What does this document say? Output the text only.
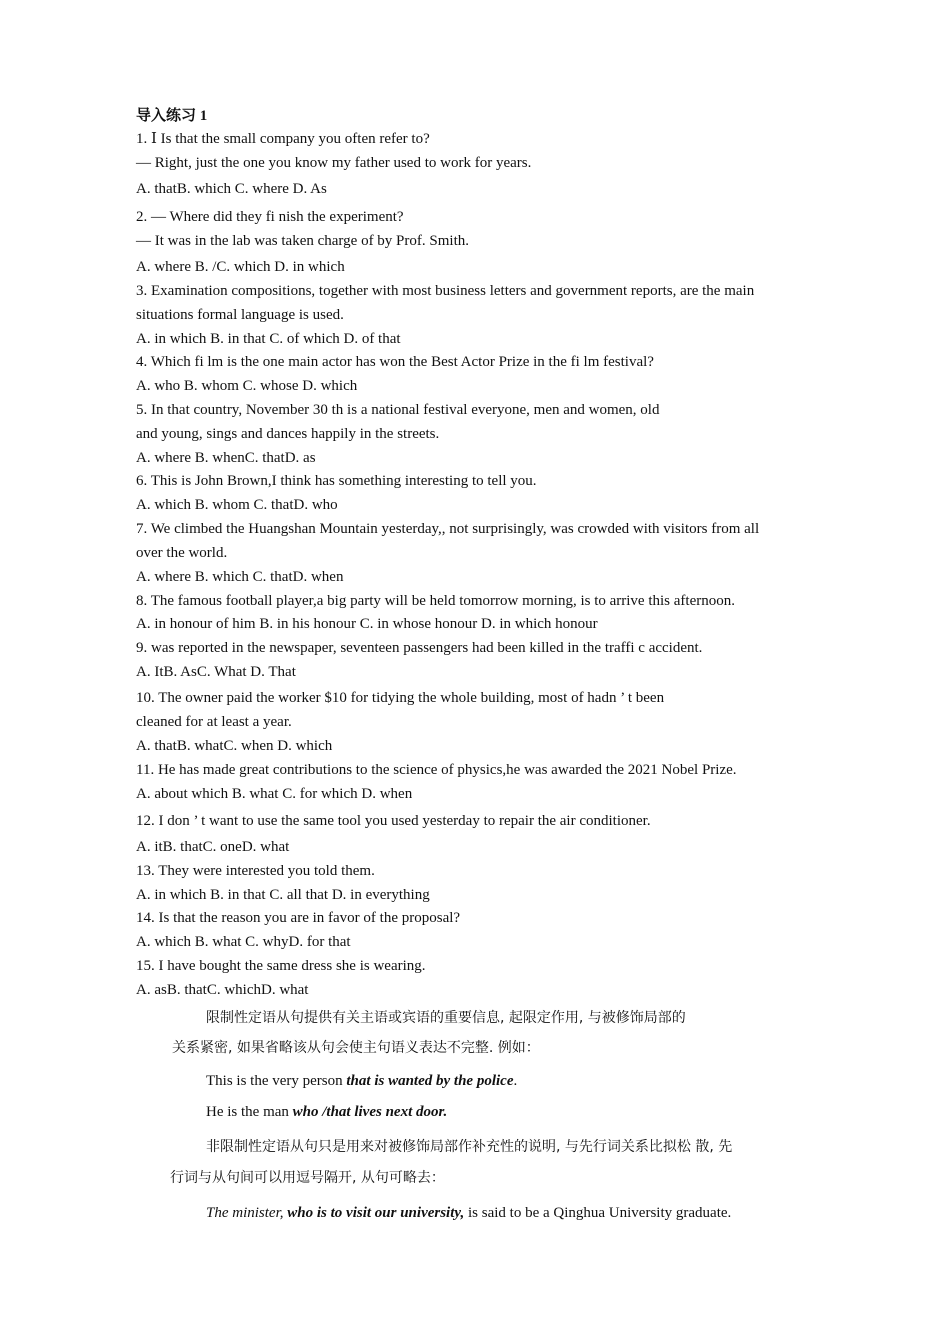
导入练习 1
1. Ⅰ Is that the small company you often refer to?
— Right, just the one you know my father used to work for years.
A. thatB. which C. where D. As
2. — Where did they fi nish the experiment?
— It was in the lab was taken charge of by Prof. Smith.
A. where B. /C. which D. in which
3. Examination compositions, together with most business letters and government reports, are the main
situations formal language is used.
A. in which B. in that C. of which D. of that
4. Which fi lm is the one main actor has won the Best Actor Prize in the fi lm festival?
A. who B. whom C. whose D. which
5. In that country, November 30 th is a national festival everyone, men and women, old
and young, sings and dances happily in the streets.
A. where B. whenC. thatD. as
6. This is John Brown,I think has something interesting to tell you.
A. which B. whom C. thatD. who
7. We climbed the Huangshan Mountain yesterday,, not surprisingly, was crowded with visitors from all
over the world.
A. where B. which C. thatD. when
8. The famous football player,a big party will be held tomorrow morning, is to arrive this afternoon.
A. in honour of him B. in his honour C. in whose honour D. in which honour
9. was reported in the newspaper, seventeen passengers had been killed in the traffi c accident.
A. ItB. AsC. What D. That
10. The owner paid the worker $10 for tidying the whole building, most of hadn ’ t been
cleaned for at least a year.
A. thatB. whatC. when D. which
11. He has made great contributions to the science of physics,he was awarded the 2021 Nobel Prize.
A. about which B. what C. for which D. when
12. I don ’ t want to use the same tool you used yesterday to repair the air conditioner.
A. itB. thatC. oneD. what
13. They were interested you told them.
A. in which B. in that C. all that D. in everything
14. Is that the reason you are in favor of the proposal?
A. which B. what C. whyD. for that
15. I have bought the same dress she is wearing.
A. asB. thatC. whichD. what
限制性定语从句提供有关主语或宾语的重要信息, 起限定作用, 与被修饰局部的
关系紧密, 如果省略该从句会使主句语义表达不完整. 例如：
This is the very person that is wanted by the police.
He is the man who /that lives next door.
非限制性定语从句只是用来对被修饰局部作补充性的说明, 与先行词关系比拟松 散, 先
行词与从句间可以用逗号隔开, 从句可略去：
The minister, who is to visit our university, is said to be a Qinghua University graduate.
